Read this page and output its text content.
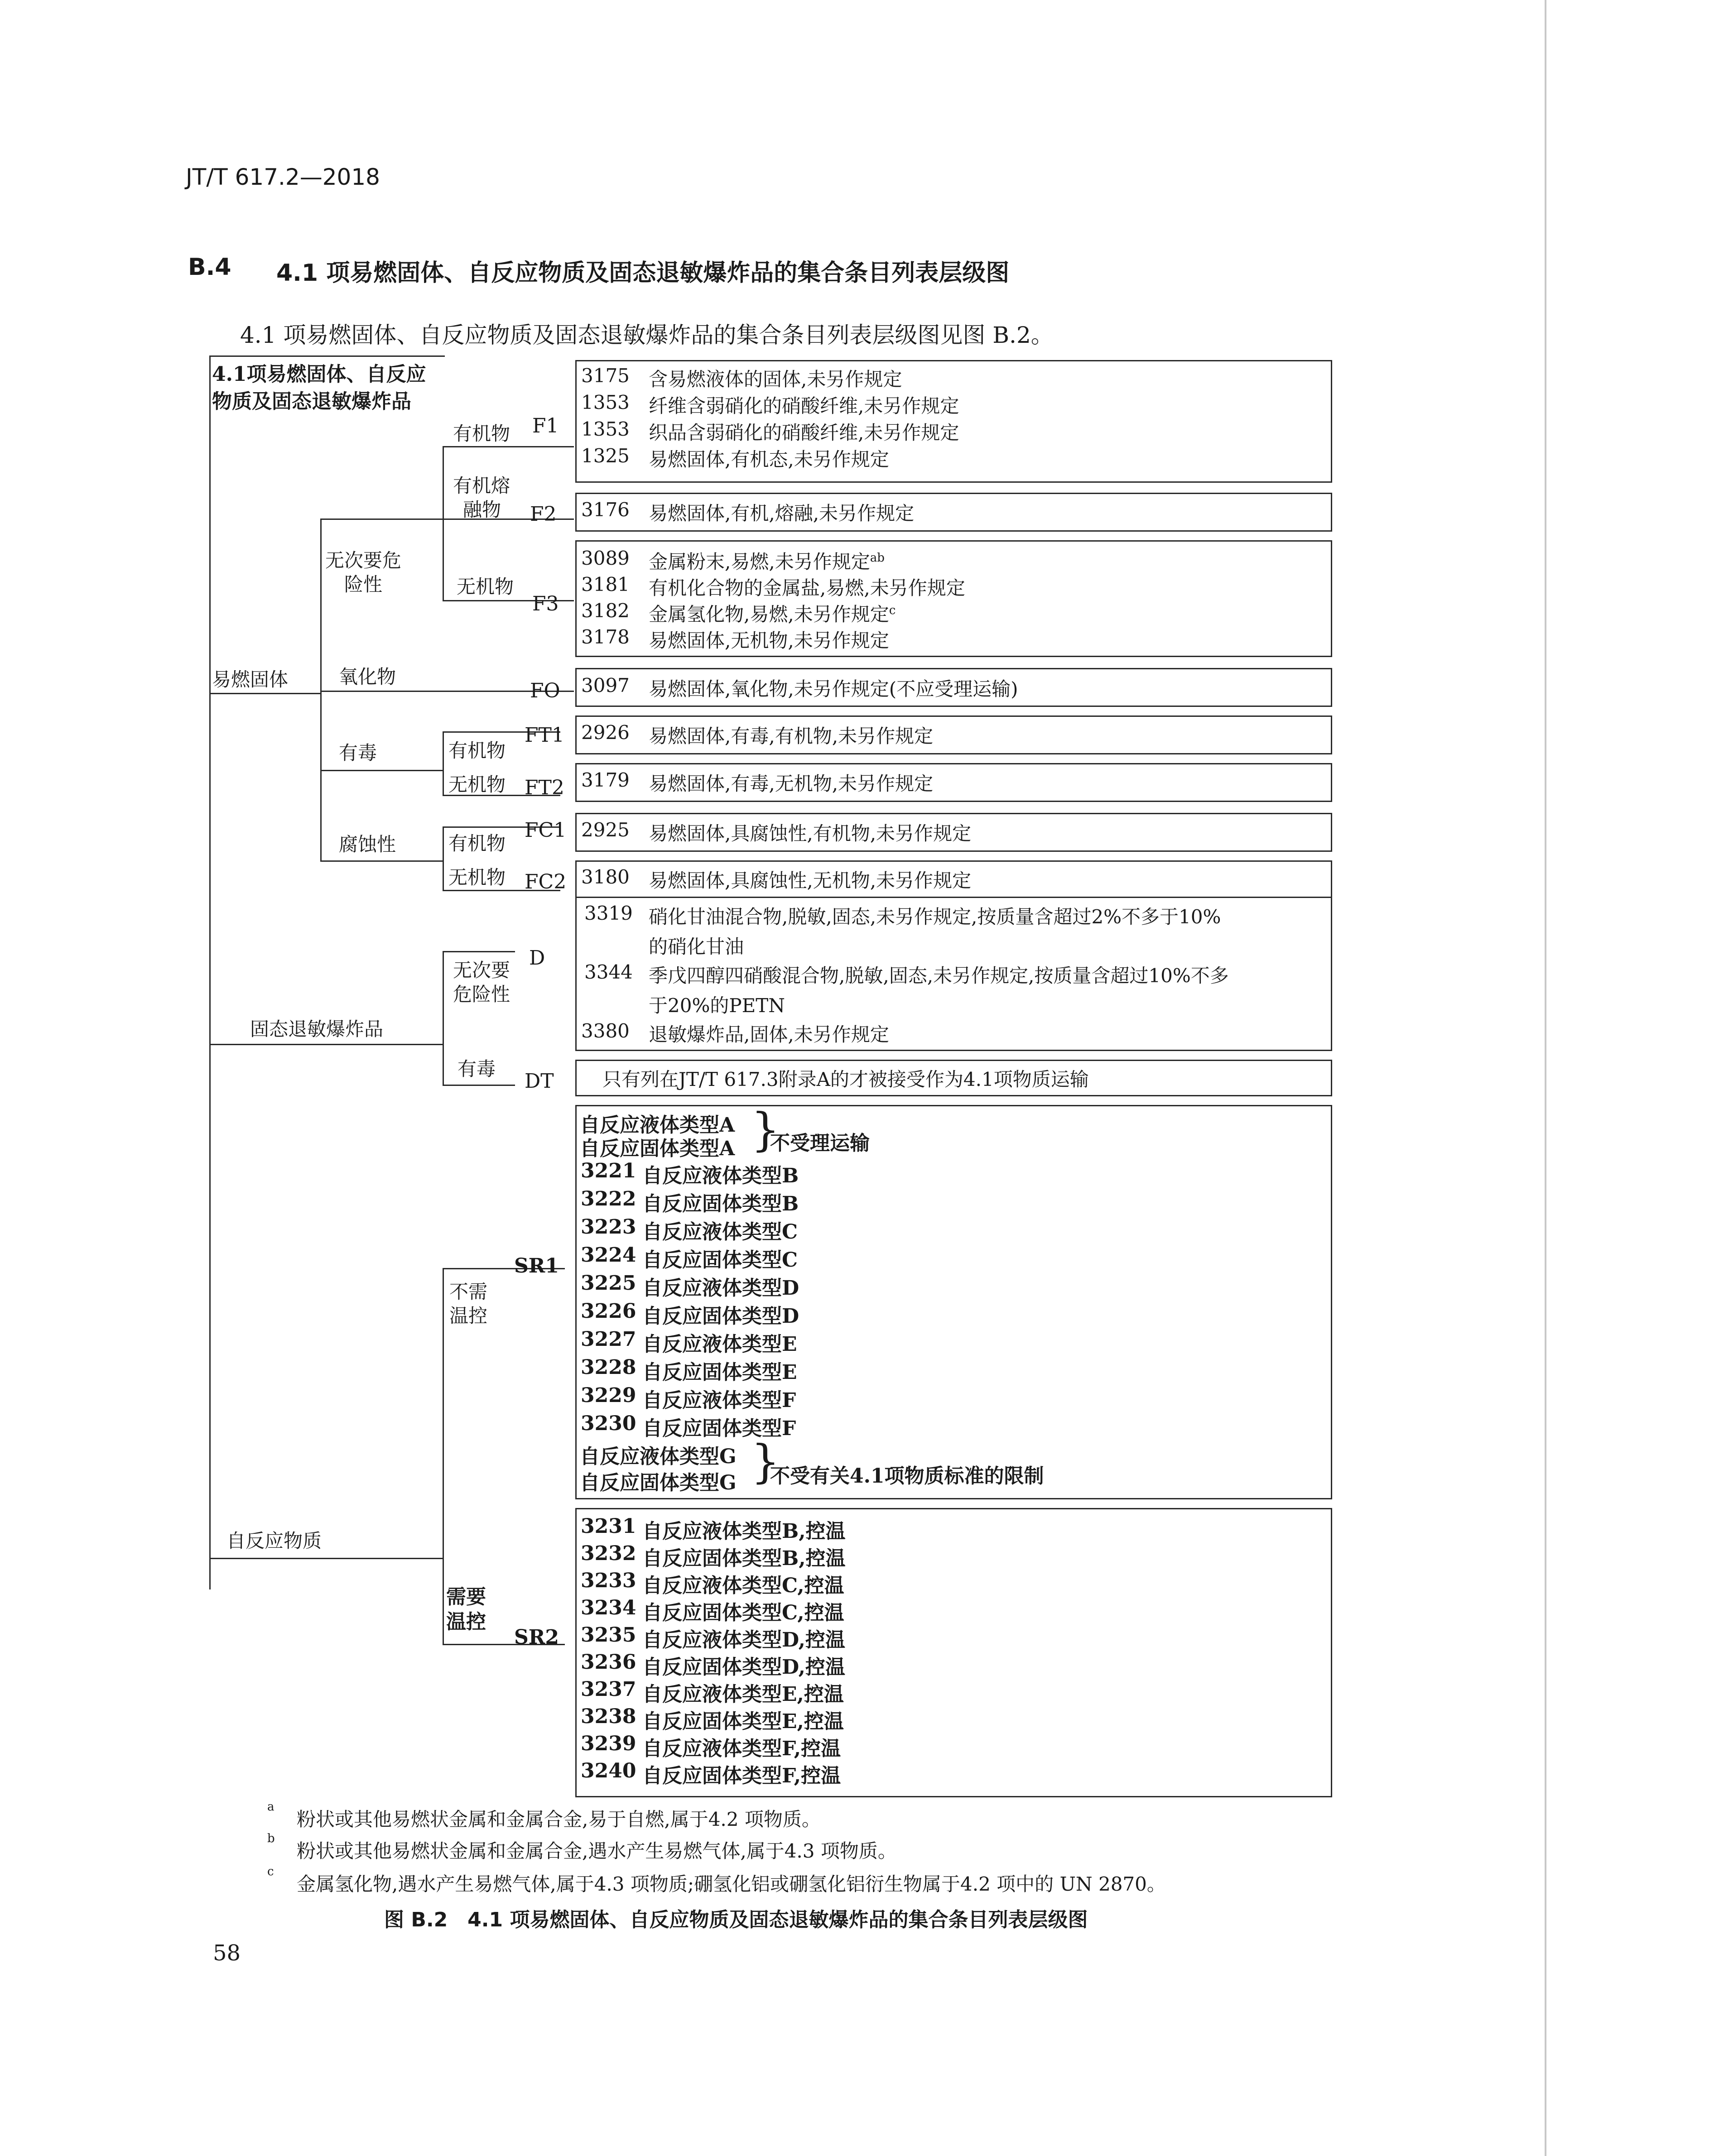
JT/T 617.2—2018
B.4 4.1 项易燃固体、自反应物质及固态退敏爆炸品的集合条目列表层级图
4.1 项易燃固体、自反应物质及固态退敏爆炸品的集合条目列表层级图见图 B.2。
4.1项易燃固体、自反应
物质及固态退敏爆炸品
易燃固体
无次要危
险性
有机物 F1
有机熔
融物 F2
无机物
F3
氧化物
FO
有毒	有机物
FT1
无机物 FT2
腐蚀性	有机物
FC1
无机物 FC2
固态退敏爆炸品
无次要
危险性
D
有毒
DT
自反应物质
不需
温控
SR1
需要
温控
SR2
3175 含易燃液体的固体,未另作规定
1353 纤维含弱硝化的硝酸纤维,未另作规定
1353 织品含弱硝化的硝酸纤维,未另作规定
1325 易燃固体,有机态,未另作规定
3176 易燃固体,有机,熔融,未另作规定
3089 金属粉末,易燃,未另作规定$^{ab}$
3181 有机化合物的金属盐,易燃,未另作规定
3182 金属氢化物,易燃,未另作规定$^c$
3178 易燃固体,无机物,未另作规定
3097 易燃固体,氧化物,未另作规定(不应受理运输)
2926 易燃固体,有毒,有机物,未另作规定
3179 易燃固体,有毒,无机物,未另作规定
2925 易燃固体,具腐蚀性,有机物,未另作规定
3180 易燃固体,具腐蚀性,无机物,未另作规定
3319 硝化甘油混合物,脱敏,固态,未另作规定,按质量含超过2%不多于10%
的硝化甘油
3344 季戊四醇四硝酸混合物,脱敏,固态,未另作规定,按质量含超过10%不多
于20%的PETN
3380 退敏爆炸品,固体,未另作规定
只有列在JT/T 617.3附录A的才被接受作为4.1项物质运输
自反应液体类型A
自反应固体类型A }
不受理运输
3221 自反应液体类型B
3222 自反应固体类型B
3223 自反应液体类型C
3224 自反应固体类型C
3225 自反应液体类型D
3226 自反应固体类型D
3227 自反应液体类型E
3228 自反应固体类型E
3229 自反应液体类型F
3230 自反应固体类型F
自反应液体类型G
自反应固体类型G }
不受有关4.1项物质标准的限制
3231 自反应液体类型B,控温
3232 自反应固体类型B,控温
3233 自反应液体类型C,控温
3234 自反应固体类型C,控温
3235 自反应液体类型D,控温
3236 自反应固体类型D,控温
3237 自反应液体类型E,控温
3238 自反应固体类型E,控温
3239 自反应液体类型F,控温
3240 自反应固体类型F,控温
a
粉状或其他易燃状金属和金属合金,易于自燃,属于4.2 项物质。
b
粉状或其他易燃状金属和金属合金,遇水产生易燃气体,属于4.3 项物质。
c
金属氢化物,遇水产生易燃气体,属于4.3 项物质;硼氢化铝或硼氢化铝衍生物属于4.2 项中的 UN 2870。
图 B.2　4.1 项易燃固体、自反应物质及固态退敏爆炸品的集合条目列表层级图
58
